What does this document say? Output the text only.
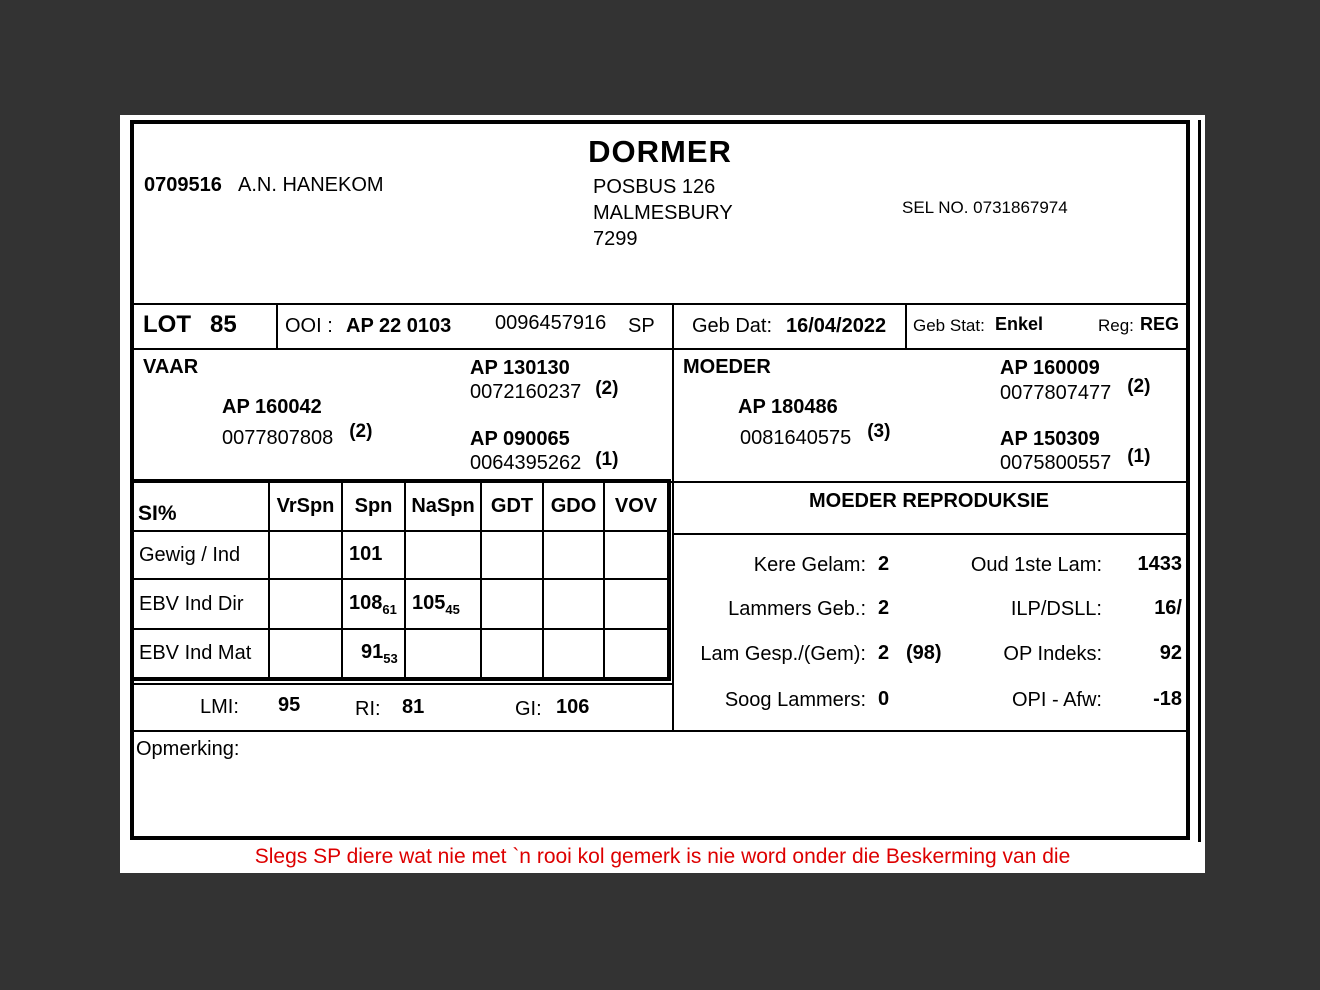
DORMER
0709516 A.N. HANEKOM	POSBUS 126
MALMESBURY
7299
SEL NO. 0731867974
LOT 85 OOI : AP 22 0103 0096457916 SP Geb Dat: 16/04/2022 Geb Stat: Enkel	Reg: REG
VAAR
AP 160042
0077807808 (2)
AP 130130
0072160237 (2)
AP 090065
0064395262 (1)
MOEDER
AP 180486
0081640575 (3)
AP 160009
0077807477 (2)
AP 150309
0075800557 (1)
SI%	VrSpn	Spn	NaSpn	GDT	GDO	VOV
Gewig / Ind		101				
EBV Ind Dir		$108_{61}$	$105_{45}$			
EBV Ind Mat		$91_{53}$				
MOEDER REPRODUKSIE
Kere Gelam: 2	Oud 1ste Lam:	1433
Lammers Geb.: 2	ILP/DSLL:	16/
Lam Gesp./(Gem): 2 (98)	OP Indeks:	92
Soog Lammers: 0	OPI - Afw:	-18
LMI: 95	RI: 81	GI: 106
Opmerking:
Slegs SP diere wat nie met `n rooi kol gemerk is nie word onder die Beskerming van die
